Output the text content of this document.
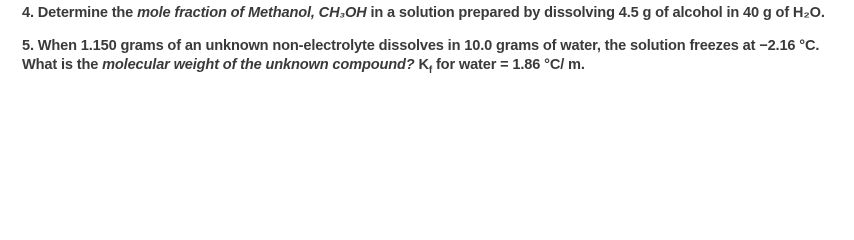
4. Determine the mole fraction of Methanol, CH₃OH in a solution prepared by dissolving 4.5 g of alcohol in 40 g of H₂O.

5. When 1.150 grams of an unknown non-electrolyte dissolves in 10.0 grams of water, the solution freezes at −2.16 °C. What is the molecular weight of the unknown compound? $K_f$ for water = 1.86 °C/ m.
